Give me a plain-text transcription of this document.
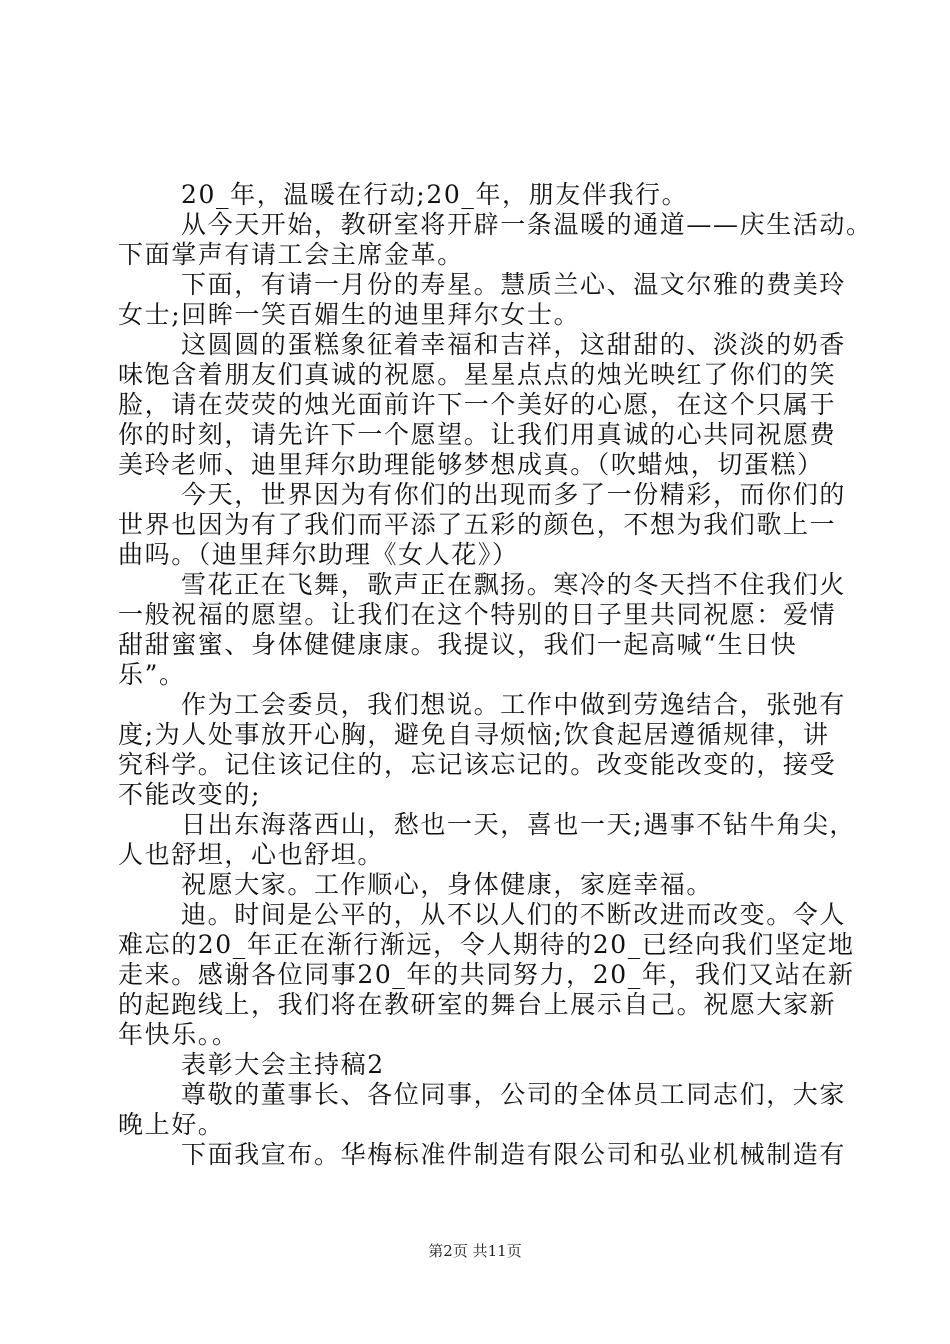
20_年，温暖在行动;20_年，朋友伴我行。
从今天开始，教研室将开辟一条温暖的通道——庆生活动。
下面掌声有请工会主席金革。
下面，有请一月份的寿星。慧质兰心、温文尔雅的费美玲
女士;回眸一笑百媚生的迪里拜尔女士。
这圆圆的蛋糕象征着幸福和吉祥，这甜甜的、淡淡的奶香
味饱含着朋友们真诚的祝愿。星星点点的烛光映红了你们的笑
脸，请在荧荧的烛光面前许下一个美好的心愿，在这个只属于
你的时刻，请先许下一个愿望。让我们用真诚的心共同祝愿费
美玲老师、迪里拜尔助理能够梦想成真。（吹蜡烛，切蛋糕）
今天，世界因为有你们的出现而多了一份精彩，而你们的
世界也因为有了我们而平添了五彩的颜色，不想为我们歌上一
曲吗。（迪里拜尔助理《女人花》）
雪花正在飞舞，歌声正在飘扬。寒冷的冬天挡不住我们火
一般祝福的愿望。让我们在这个特别的日子里共同祝愿：爱情
甜甜蜜蜜、身体健健康康。我提议，我们一起高喊“生日快
乐”。
作为工会委员，我们想说。工作中做到劳逸结合，张弛有
度;为人处事放开心胸，避免自寻烦恼;饮食起居遵循规律，讲
究科学。记住该记住的，忘记该忘记的。改变能改变的，接受
不能改变的;
日出东海落西山，愁也一天，喜也一天;遇事不钻牛角尖，
人也舒坦，心也舒坦。
祝愿大家。工作顺心，身体健康，家庭幸福。
迪。时间是公平的，从不以人们的不断改进而改变。令人
难忘的20_年正在渐行渐远，令人期待的20_已经向我们坚定地
走来。感谢各位同事20_年的共同努力，20_年，我们又站在新
的起跑线上，我们将在教研室的舞台上展示自己。祝愿大家新
年快乐。。
表彰大会主持稿2
尊敬的董事长、各位同事，公司的全体员工同志们，大家
晚上好。
下面我宣布。华梅标准件制造有限公司和弘业机械制造有
第2页 共11页
